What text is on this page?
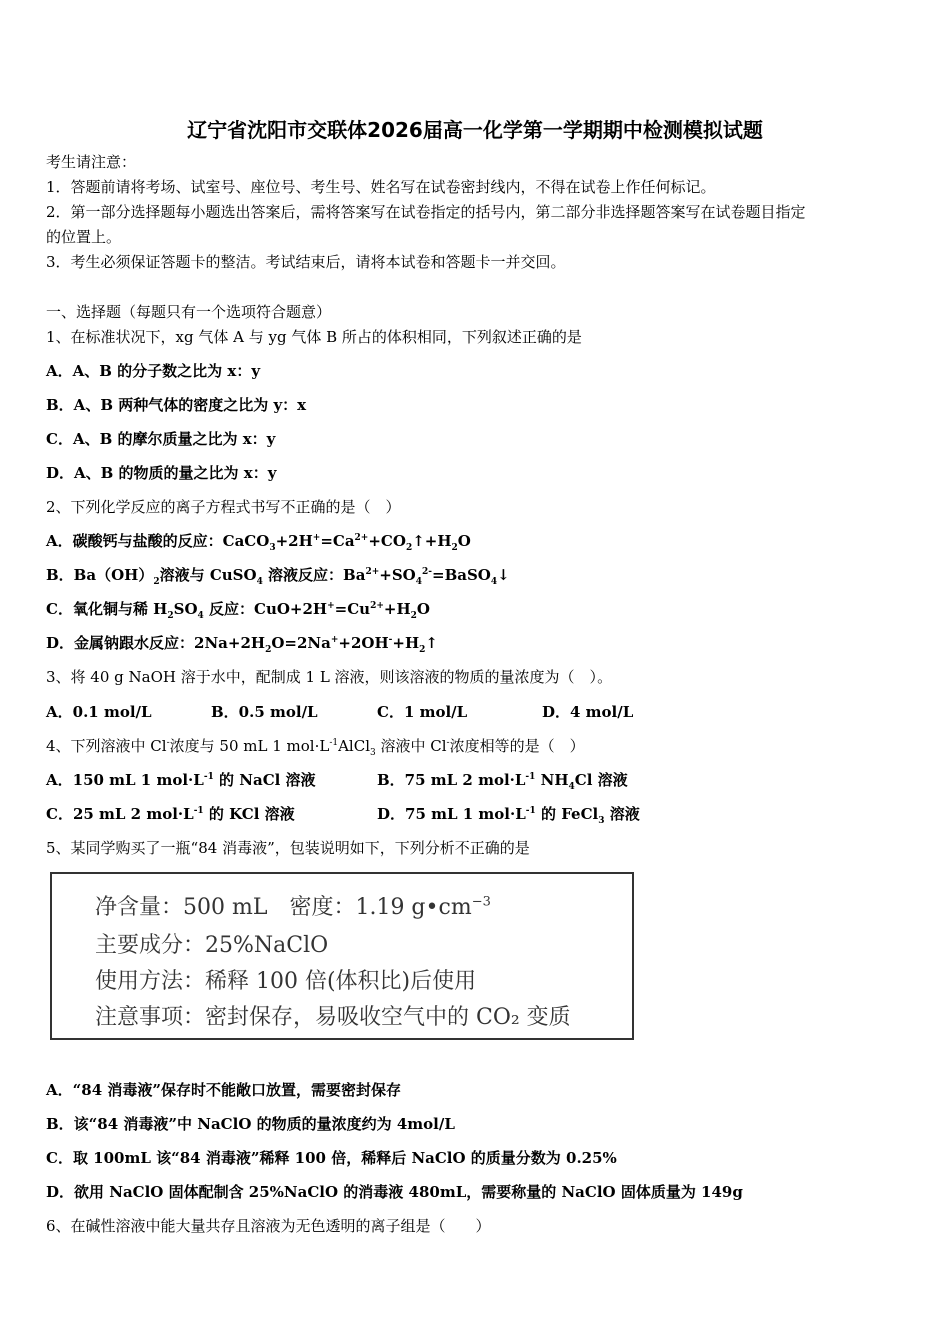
辽宁省沈阳市交联体2026届高一化学第一学期期中检测模拟试题
考生请注意：
1．答题前请将考场、试室号、座位号、考生号、姓名写在试卷密封线内，不得在试卷上作任何标记。
2．第一部分选择题每小题选出答案后，需将答案写在试卷指定的括号内，第二部分非选择题答案写在试卷题目指定
的位置上。
3．考生必须保证答题卡的整洁。考试结束后，请将本试卷和答题卡一并交回。
一、选择题（每题只有一个选项符合题意）
1、在标准状况下，xg 气体 A 与 yg 气体 B 所占的体积相同，下列叙述正确的是
A．A、B 的分子数之比为 x：y
B．A、B 两种气体的密度之比为 y：x
C．A、B 的摩尔质量之比为 x：y
D．A、B 的物质的量之比为 x：y
2、下列化学反应的离子方程式书写不正确的是（　）
A．碳酸钙与盐酸的反应：$CaCO_3+2H^+=Ca^{2+}+CO_2↑+H_2O$
B．$Ba(OH)_2$溶液与 CuSO$_4$ 溶液反应：$Ba^{2+}+SO_4^{2-}=BaSO_4↓$
C．氧化铜与稀 $H_2SO_4$ 反应：$CuO+2H^+=Cu^{2+}+H_2O$
D．金属钠跟水反应：$2Na+2H_2O=2Na^++2OH^-+H_2↑$
3、将 40 g NaOH 溶于水中，配制成 1 L 溶液，则该溶液的物质的量浓度为（　）。
A．0.1 mol/L	B．0.5 mol/L	C．1 mol/L	D．4 mol/L
4、下列溶液中 Cl-浓度与 50 mL 1 $mol\cdot L^{-1}AlCl_3$ 溶液中 Cl-浓度相等的是（　）
A．150 mL 1 $mol\cdot L^{-1}$ 的 NaCl 溶液	B．75 mL 2 $mol\cdot L^{-1}$ $NH_4Cl$ 溶液
C．25 mL 2 $mol\cdot L^{-1}$ 的 KCl 溶液	D．75 mL 1 $mol\cdot L^{-1}$ 的 FeCl$_3$ 溶液
5、某同学购买了一瓶“84 消毒液”，包装说明如下，下列分析不正确的是
净含量：500 mL　密度：1.19 $g•cm^{-3}$
主要成分：25%NaClO
使用方法：稀释 100 倍(体积比)后使用
注意事项：密封保存，易吸收空气中的 CO₂ 变质
A．“84 消毒液”保存时不能敞口放置，需要密封保存
B．该“84 消毒液”中 NaClO 的物质的量浓度约为 4mol/L
C．取 100mL 该“84 消毒液”稀释 100 倍，稀释后 NaClO 的质量分数为 0.25%
D．欲用 NaClO 固体配制含 25%NaClO 的消毒液 480mL，需要称量的 NaClO 固体质量为 149g
6、在碱性溶液中能大量共存且溶液为无色透明的离子组是（　　）
